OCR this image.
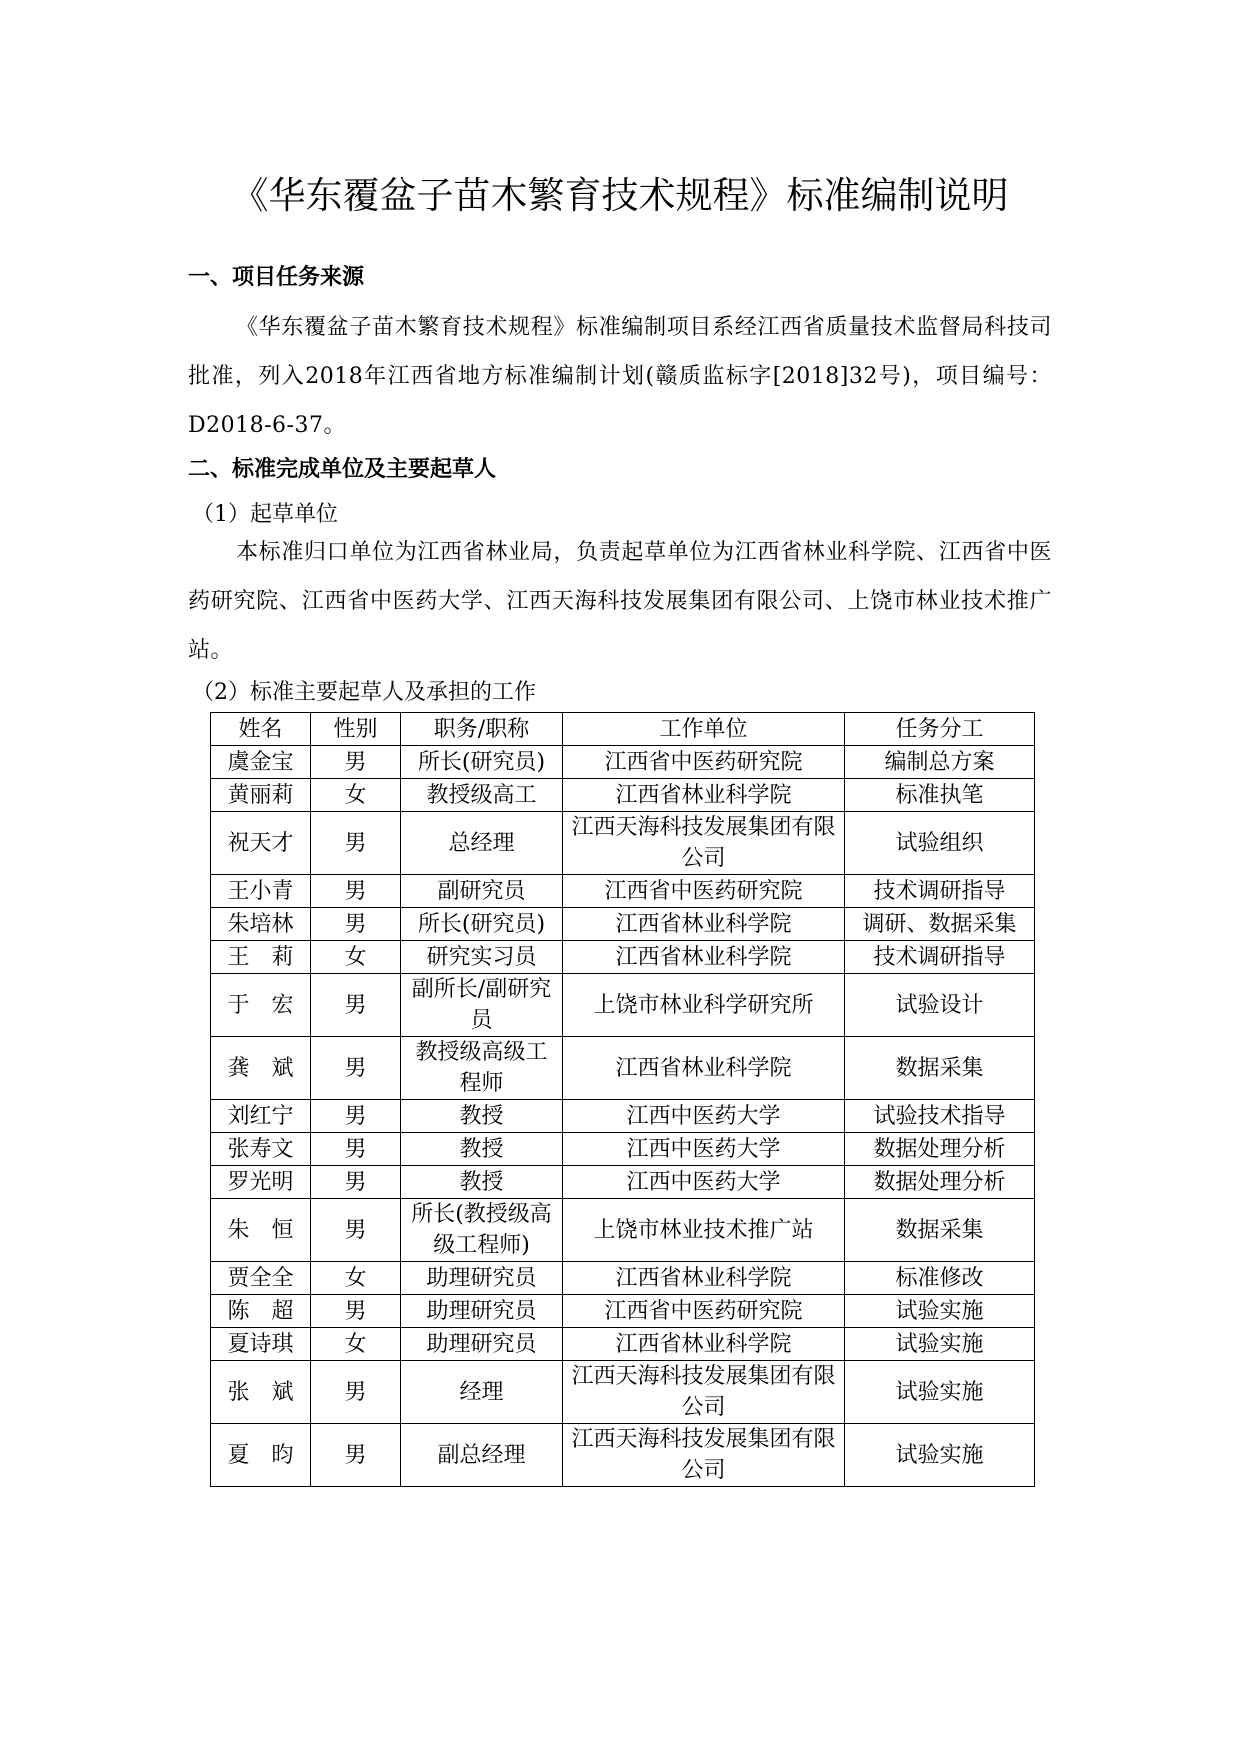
《华东覆盆子苗木繁育技术规程》标准编制说明
一、项目任务来源

《华东覆盆子苗木繁育技术规程》标准编制项目系经江西省质量技术监督局科技司批准，列入2018年江西省地方标准编制计划(赣质监标字[2018]32号)，项目编号：D2018-6-37。

二、标准完成单位及主要起草人

（1）起草单位

本标准归口单位为江西省林业局，负责起草单位为江西省林业科学院、江西省中医药研究院、江西省中医药大学、江西天海科技发展集团有限公司、上饶市林业技术推广站。

（2）标准主要起草人及承担的工作

姓名	性别	职务/职称	工作单位	任务分工
虞金宝	男	所长(研究员)	江西省中医药研究院	编制总方案
黄丽莉	女	教授级高工	江西省林业科学院	标准执笔
祝天才	男	总经理	江西天海科技发展集团有限公司	试验组织
王小青	男	副研究员	江西省中医药研究院	技术调研指导
朱培林	男	所长(研究员)	江西省林业科学院	调研、数据采集
王　莉	女	研究实习员	江西省林业科学院	技术调研指导
于　宏	男	副所长/副研究员	上饶市林业科学研究所	试验设计
龚　斌	男	教授级高级工程师	江西省林业科学院	数据采集
刘红宁	男	教授	江西中医药大学	试验技术指导
张寿文	男	教授	江西中医药大学	数据处理分析
罗光明	男	教授	江西中医药大学	数据处理分析
朱　恒	男	所长(教授级高级工程师)	上饶市林业技术推广站	数据采集
贾全全	女	助理研究员	江西省林业科学院	标准修改
陈　超	男	助理研究员	江西省中医药研究院	试验实施
夏诗琪	女	助理研究员	江西省林业科学院	试验实施
张　斌	男	经理	江西天海科技发展集团有限公司	试验实施
夏　昀	男	副总经理	江西天海科技发展集团有限公司	试验实施
